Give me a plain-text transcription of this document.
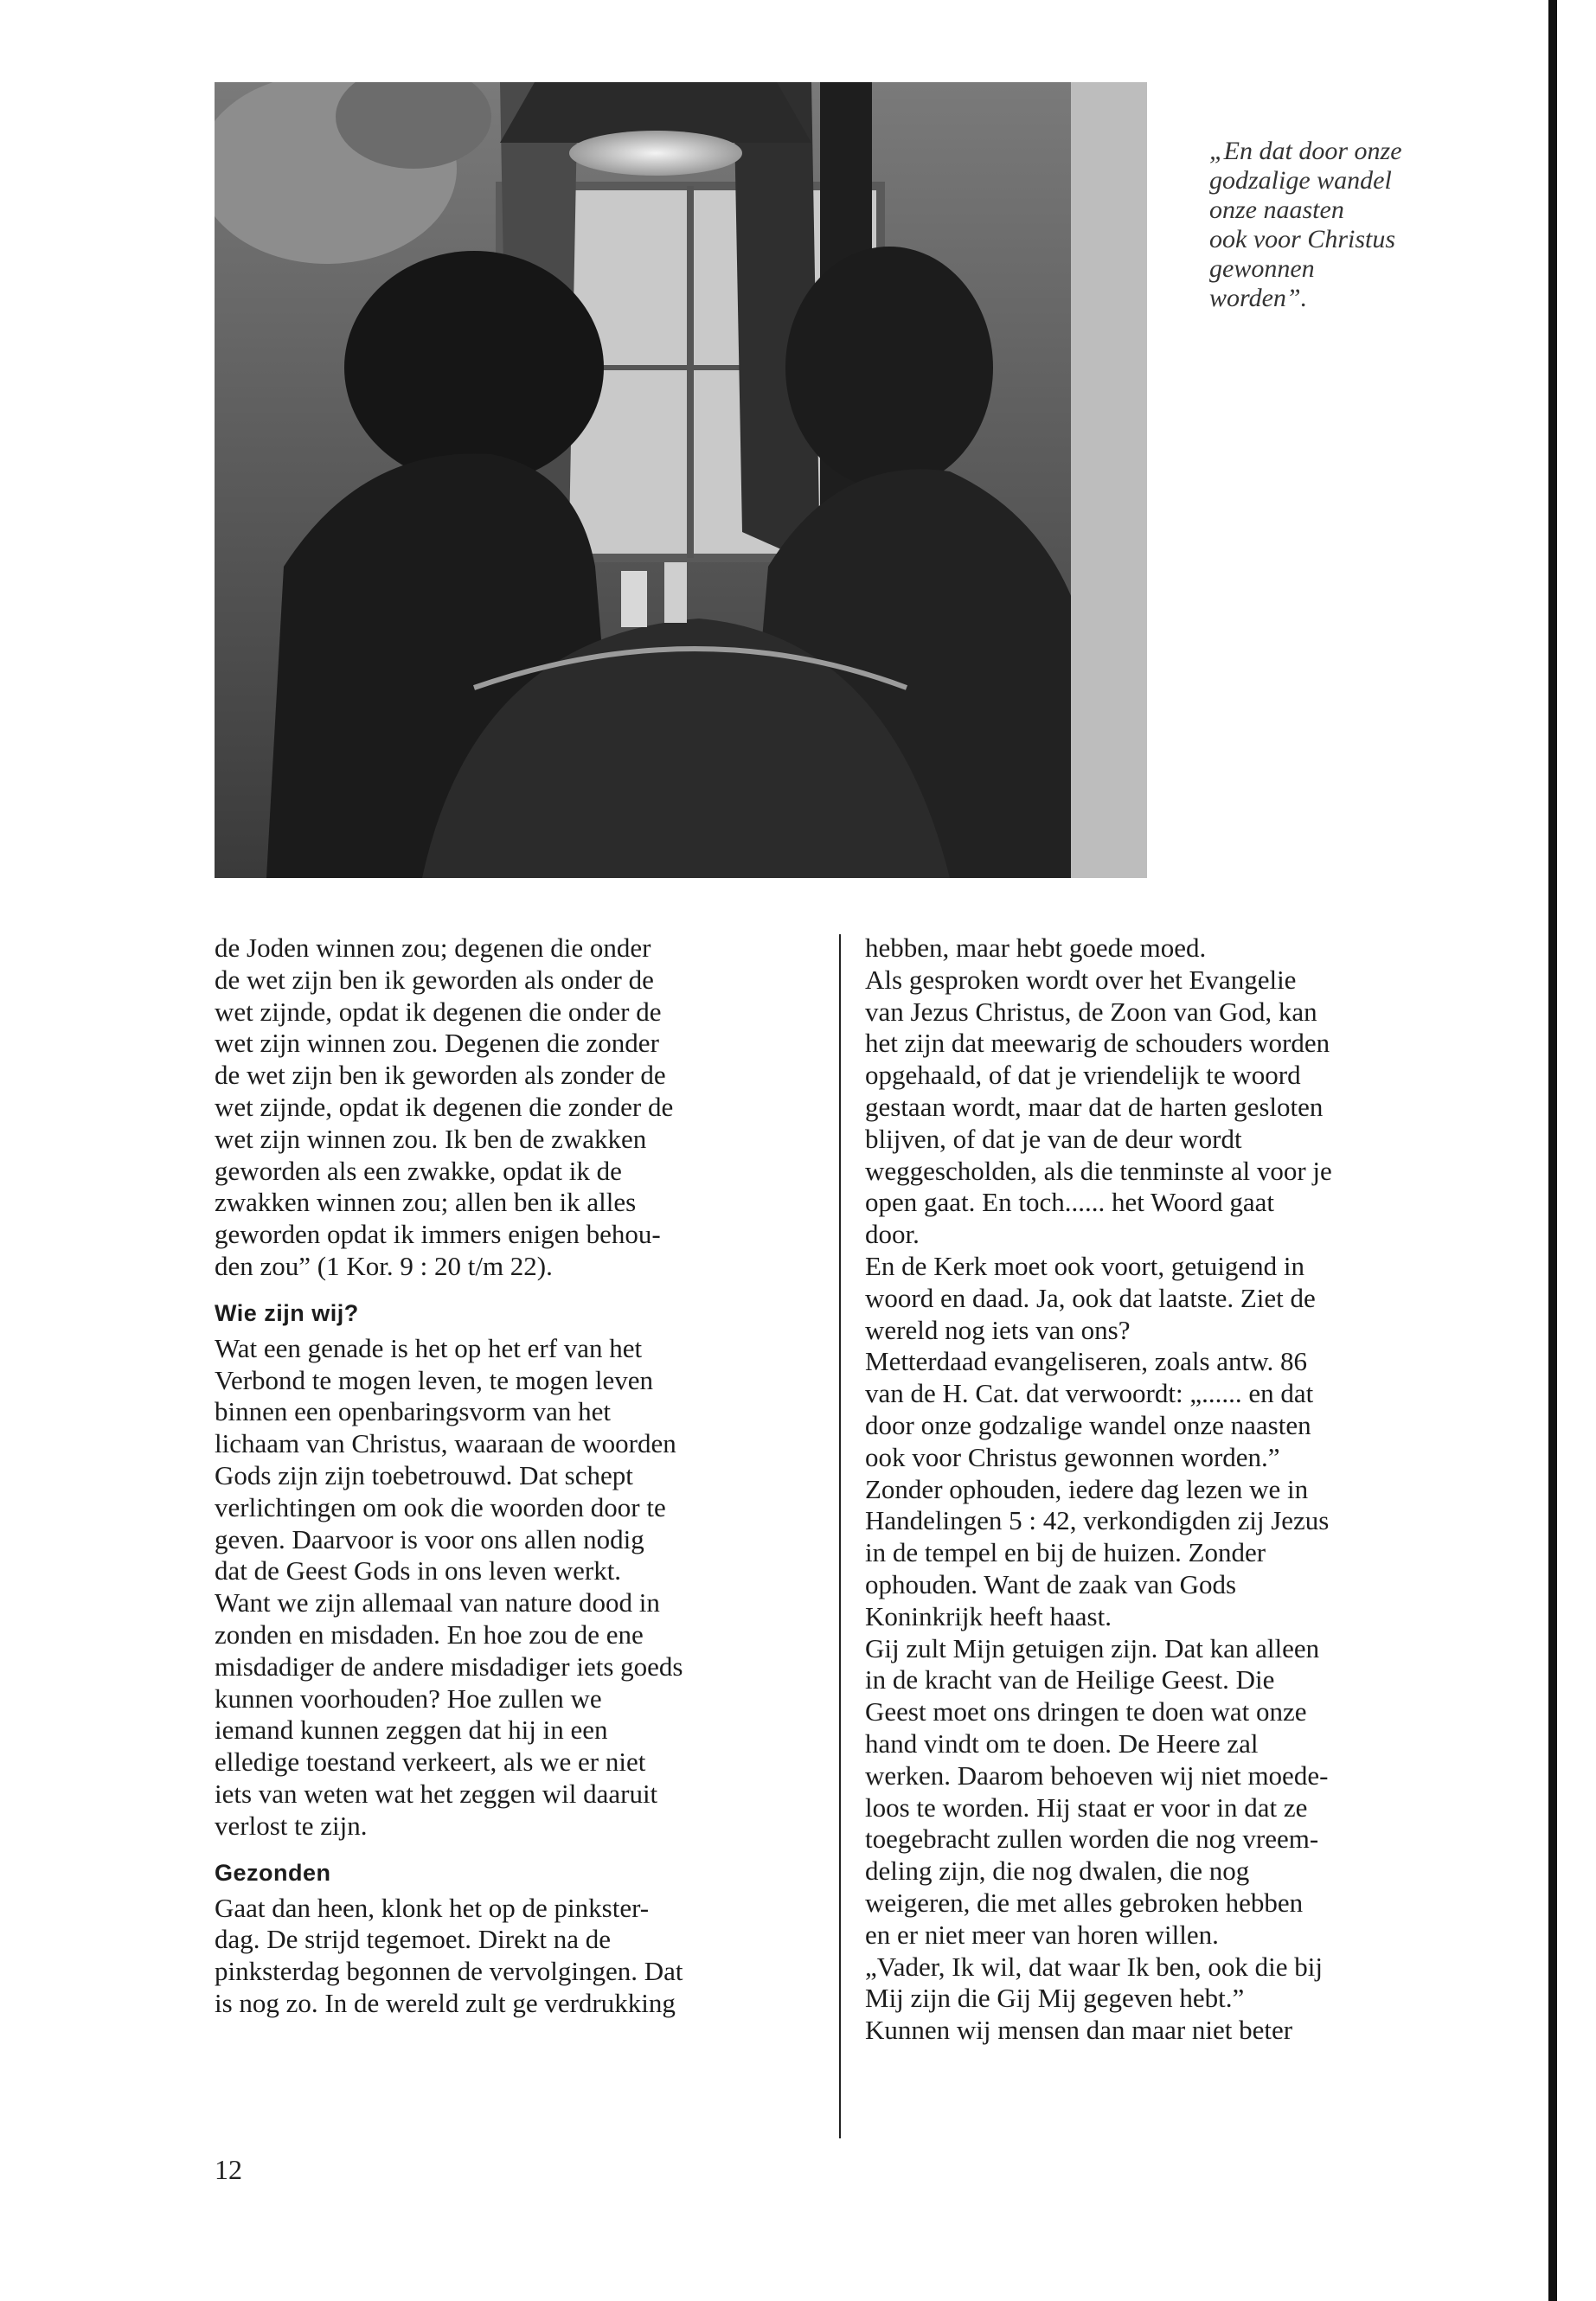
„En dat door onze
godzalige wandel
onze naasten
ook voor Christus
gewonnen
worden”.
de Joden winnen zou; degenen die onder
de wet zijn ben ik geworden als onder de
wet zijnde, opdat ik degenen die onder de
wet zijn winnen zou. Degenen die zonder
de wet zijn ben ik geworden als zonder de
wet zijnde, opdat ik degenen die zonder de
wet zijn winnen zou. Ik ben de zwakken
geworden als een zwakke, opdat ik de
zwakken winnen zou; allen ben ik alles
geworden opdat ik immers enigen behou-
den zou” (1 Kor. 9 : 20 t/m 22).
Wie zijn wij?
Wat een genade is het op het erf van het
Verbond te mogen leven, te mogen leven
binnen een openbaringsvorm van het
lichaam van Christus, waaraan de woorden
Gods zijn zijn toebetrouwd. Dat schept
verlichtingen om ook die woorden door te
geven. Daarvoor is voor ons allen nodig
dat de Geest Gods in ons leven werkt.
Want we zijn allemaal van nature dood in
zonden en misdaden. En hoe zou de ene
misdadiger de andere misdadiger iets goeds
kunnen voorhouden? Hoe zullen we
iemand kunnen zeggen dat hij in een
elledige toestand verkeert, als we er niet
iets van weten wat het zeggen wil daaruit
verlost te zijn.
Gezonden
Gaat dan heen, klonk het op de pinkster-
dag. De strijd tegemoet. Direkt na de
pinksterdag begonnen de vervolgingen. Dat
is nog zo. In de wereld zult ge verdrukking
hebben, maar hebt goede moed.
Als gesproken wordt over het Evangelie
van Jezus Christus, de Zoon van God, kan
het zijn dat meewarig de schouders worden
opgehaald, of dat je vriendelijk te woord
gestaan wordt, maar dat de harten gesloten
blijven, of dat je van de deur wordt
weggescholden, als die tenminste al voor je
open gaat. En toch...... het Woord gaat
door.
En de Kerk moet ook voort, getuigend in
woord en daad. Ja, ook dat laatste. Ziet de
wereld nog iets van ons?
Metterdaad evangeliseren, zoals antw. 86
van de H. Cat. dat verwoordt: „...... en dat
door onze godzalige wandel onze naasten
ook voor Christus gewonnen worden.”
Zonder ophouden, iedere dag lezen we in
Handelingen 5 : 42, verkondigden zij Jezus
in de tempel en bij de huizen. Zonder
ophouden. Want de zaak van Gods
Koninkrijk heeft haast.
Gij zult Mijn getuigen zijn. Dat kan alleen
in de kracht van de Heilige Geest. Die
Geest moet ons dringen te doen wat onze
hand vindt om te doen. De Heere zal
werken. Daarom behoeven wij niet moede-
loos te worden. Hij staat er voor in dat ze
toegebracht zullen worden die nog vreem-
deling zijn, die nog dwalen, die nog
weigeren, die met alles gebroken hebben
en er niet meer van horen willen.
„Vader, Ik wil, dat waar Ik ben, ook die bij
Mij zijn die Gij Mij gegeven hebt.”
Kunnen wij mensen dan maar niet beter
12
